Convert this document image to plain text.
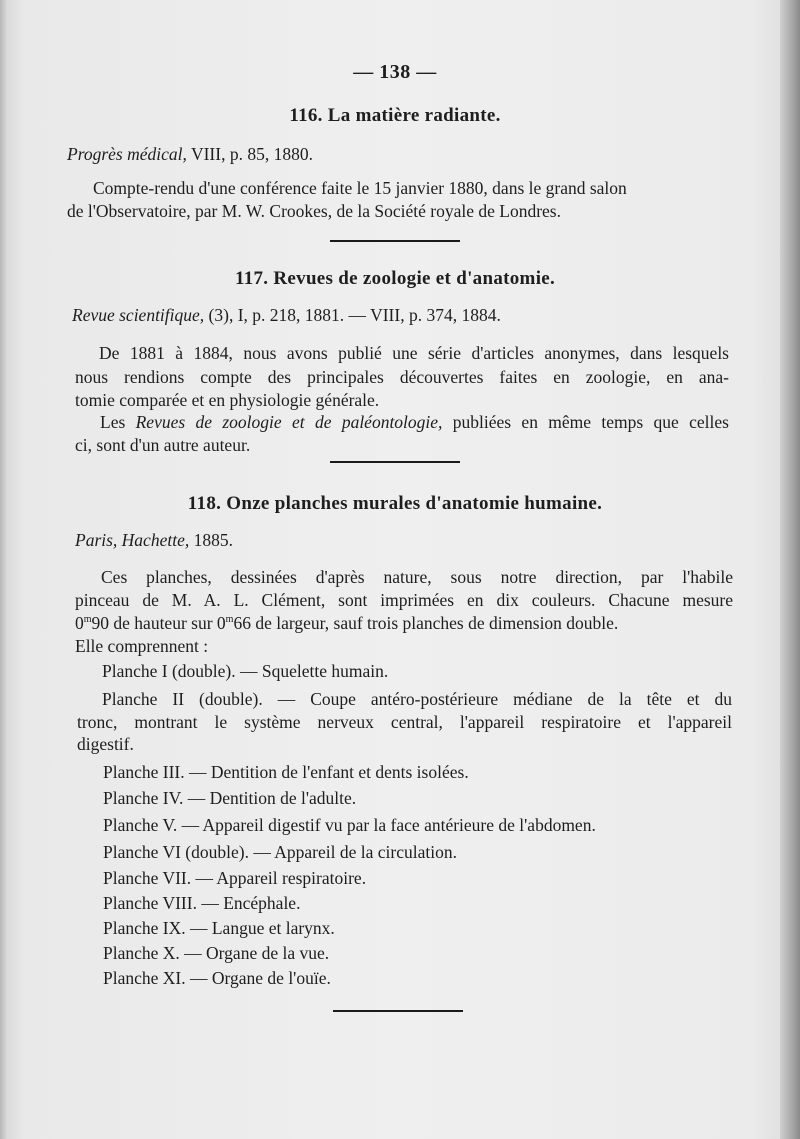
— 138 —
116. La matière radiante.
Progrès médical, VIII, p. 85, 1880.
Compte-rendu d'une conférence faite le 15 janvier 1880, dans le grand salon
de l'Observatoire, par M. W. Crookes, de la Société royale de Londres.
117. Revues de zoologie et d'anatomie.
Revue scientifique, (3), I, p. 218, 1881. — VIII, p. 374, 1884.
De 1881 à 1884, nous avons publié une série d'articles anonymes, dans lesquels
nous rendions compte des principales découvertes faites en zoologie, en ana-
tomie comparée et en physiologie générale.
Les Revues de zoologie et de paléontologie, publiées en même temps que celles
ci, sont d'un autre auteur.
118. Onze planches murales d'anatomie humaine.
Paris, Hachette, 1885.
Ces planches, dessinées d'après nature, sous notre direction, par l'habile
pinceau de M. A. L. Clément, sont imprimées en dix couleurs. Chacune mesure
0$^m$90 de hauteur sur 0$^m$66 de largeur, sauf trois planches de dimension double.
Elle comprennent :
Planche I (double). — Squelette humain.
Planche II (double). — Coupe antéro-postérieure médiane de la tête et du
tronc, montrant le système nerveux central, l'appareil respiratoire et l'appareil
digestif.
Planche III. — Dentition de l'enfant et dents isolées.
Planche IV. — Dentition de l'adulte.
Planche V. — Appareil digestif vu par la face antérieure de l'abdomen.
Planche VI (double). — Appareil de la circulation.
Planche VII. — Appareil respiratoire.
Planche VIII. — Encéphale.
Planche IX. — Langue et larynx.
Planche X. — Organe de la vue.
Planche XI. — Organe de l'ouïe.
